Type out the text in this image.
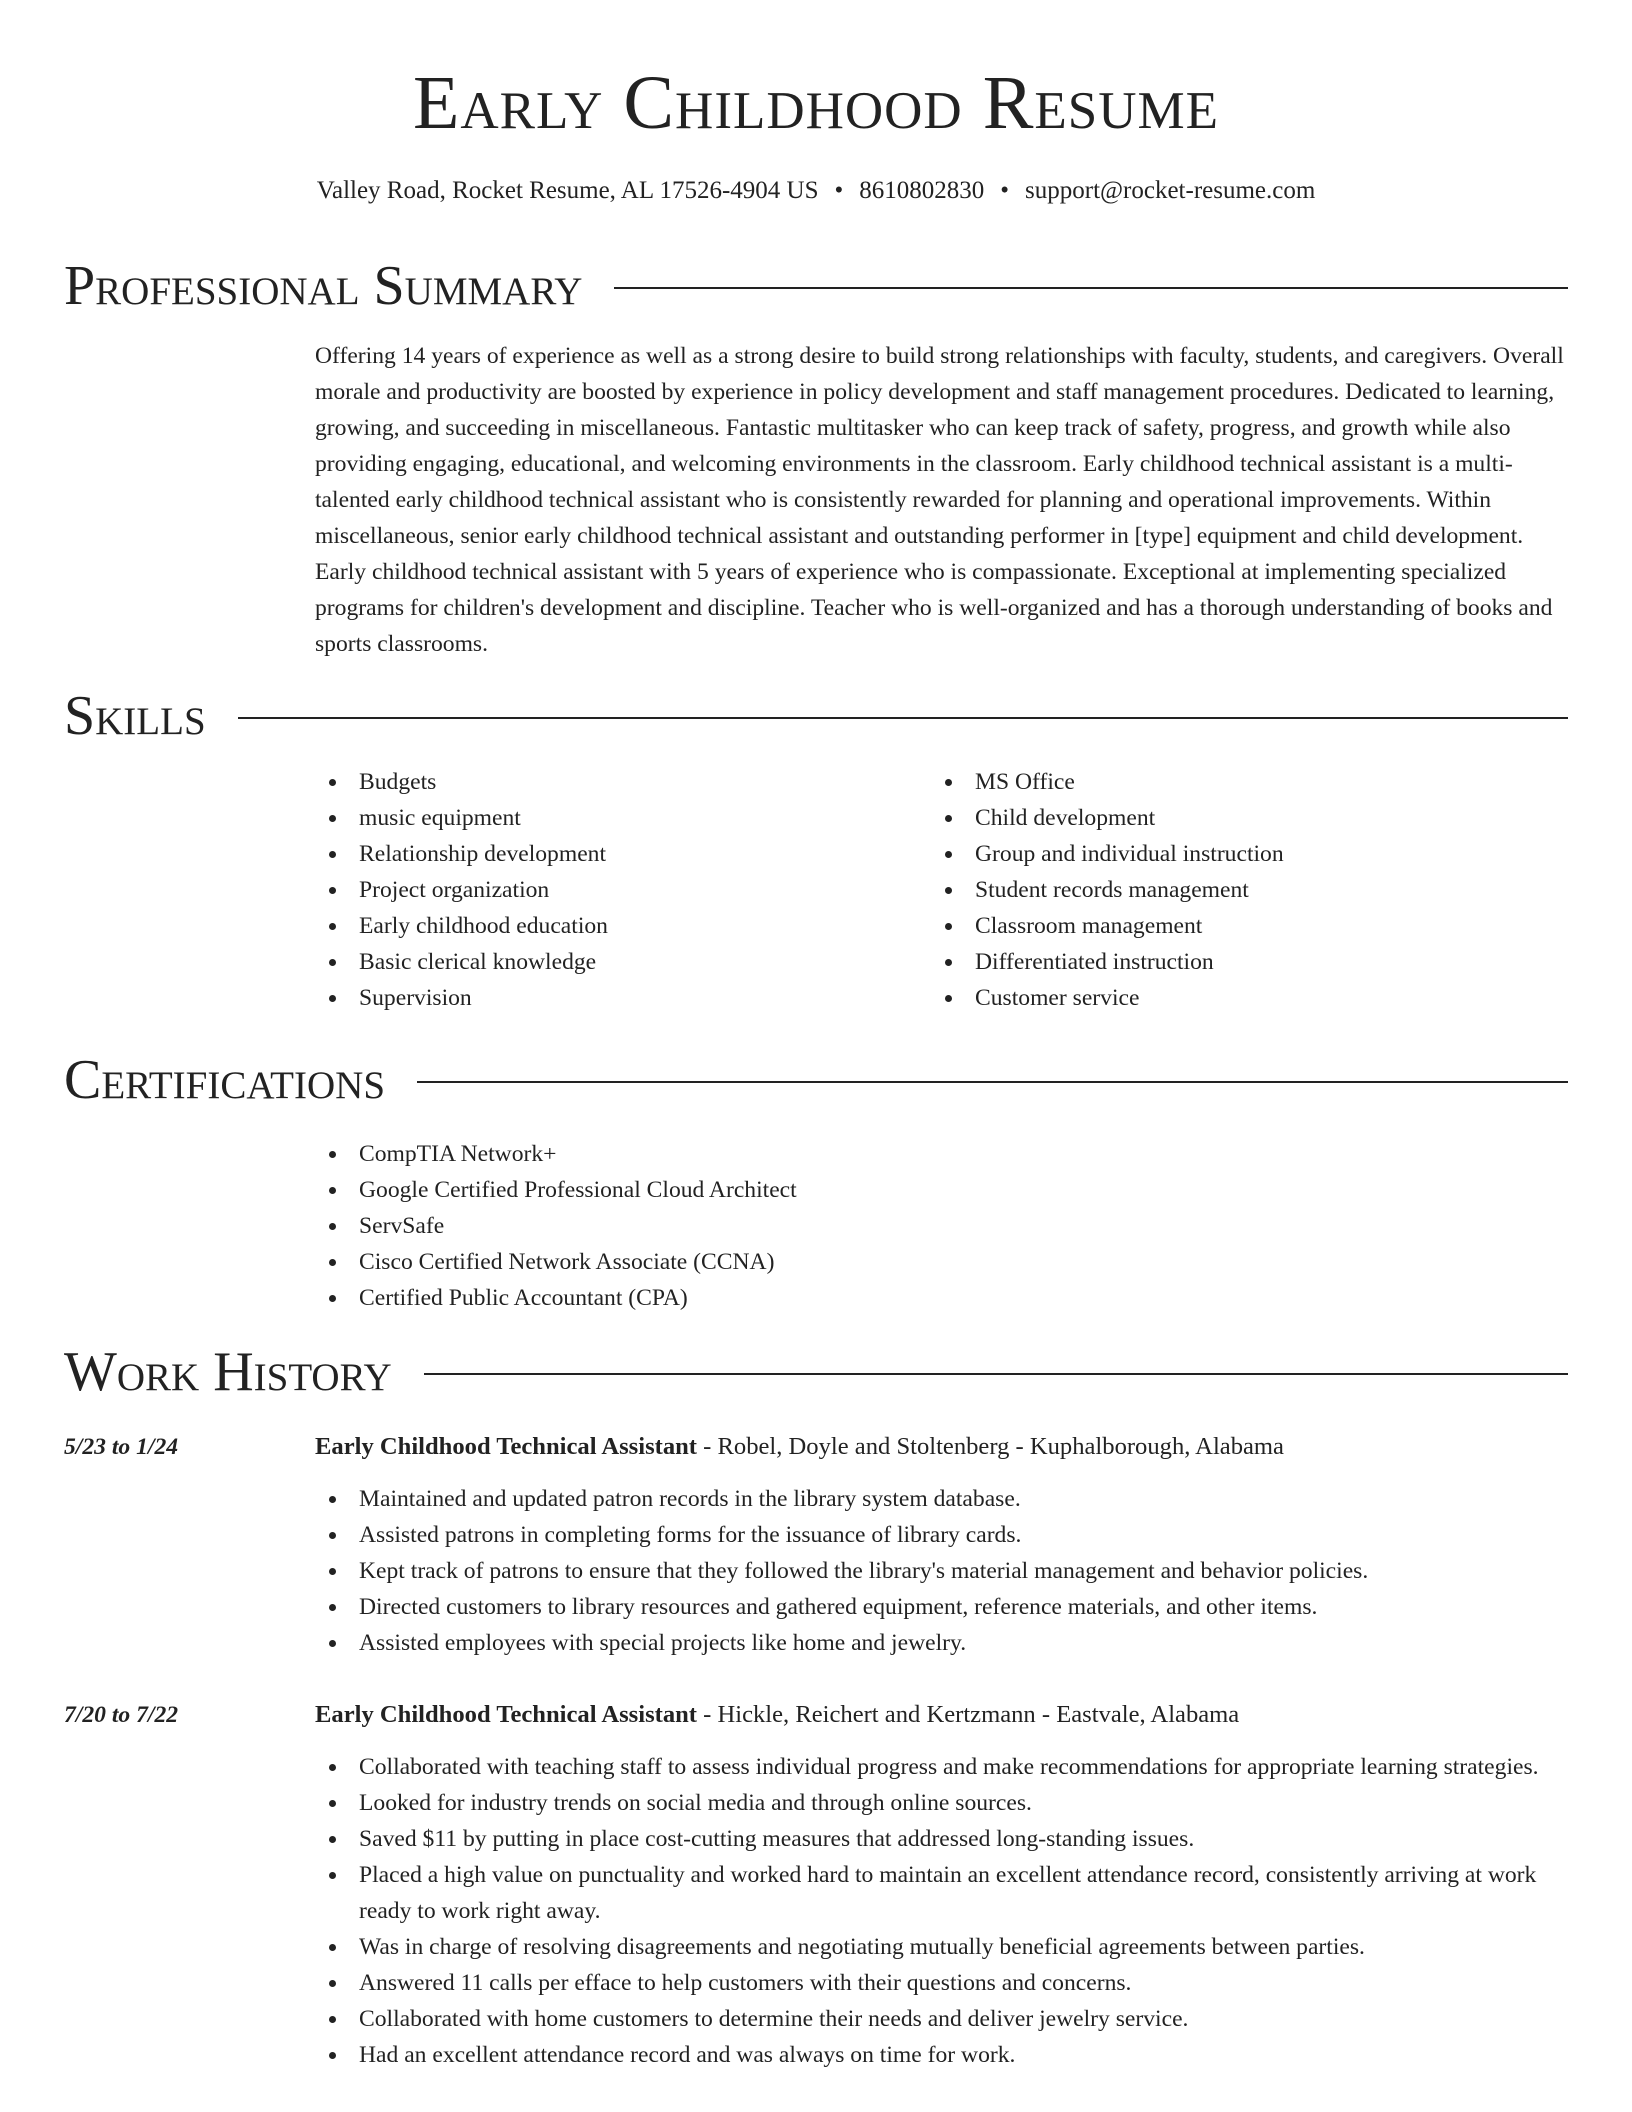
Early Childhood Resume
Valley Road, Rocket Resume, AL 17526-4904 US • 8610802830 • support@rocket-resume.com
Professional Summary

Offering 14 years of experience as well as a strong desire to build strong relationships with faculty, students, and caregivers. Overall morale and productivity are boosted by experience in policy development and staff management procedures. Dedicated to learning, growing, and succeeding in miscellaneous. Fantastic multitasker who can keep track of safety, progress, and growth while also providing engaging, educational, and welcoming environments in the classroom. Early childhood technical assistant is a multi-talented early childhood technical assistant who is consistently rewarded for planning and operational improvements. Within miscellaneous, senior early childhood technical assistant and outstanding performer in [type] equipment and child development. Early childhood technical assistant with 5 years of experience who is compassionate. Exceptional at implementing specialized programs for children's development and discipline. Teacher who is well-organized and has a thorough understanding of books and sports classrooms.

Skills
Budgets
music equipment
Relationship development
Project organization
Early childhood education
Basic clerical knowledge
Supervision
MS Office
Child development
Group and individual instruction
Student records management
Classroom management
Differentiated instruction
Customer service
Certifications
CompTIA Network+
Google Certified Professional Cloud Architect
ServSafe
Cisco Certified Network Associate (CCNA)
Certified Public Accountant (CPA)
Work History
5/23 to 1/24	Early Childhood Technical Assistant - Robel, Doyle and Stoltenberg - Kuphalborough, Alabama
Maintained and updated patron records in the library system database.
Assisted patrons in completing forms for the issuance of library cards.
Kept track of patrons to ensure that they followed the library's material management and behavior policies.
Directed customers to library resources and gathered equipment, reference materials, and other items.
Assisted employees with special projects like home and jewelry.
7/20 to 7/22	Early Childhood Technical Assistant - Hickle, Reichert and Kertzmann - Eastvale, Alabama
Collaborated with teaching staff to assess individual progress and make recommendations for appropriate learning strategies.
Looked for industry trends on social media and through online sources.
Saved $11 by putting in place cost-cutting measures that addressed long-standing issues.
Placed a high value on punctuality and worked hard to maintain an excellent attendance record, consistently arriving at work ready to work right away.
Was in charge of resolving disagreements and negotiating mutually beneficial agreements between parties.
Answered 11 calls per efface to help customers with their questions and concerns.
Collaborated with home customers to determine their needs and deliver jewelry service.
Had an excellent attendance record and was always on time for work.
